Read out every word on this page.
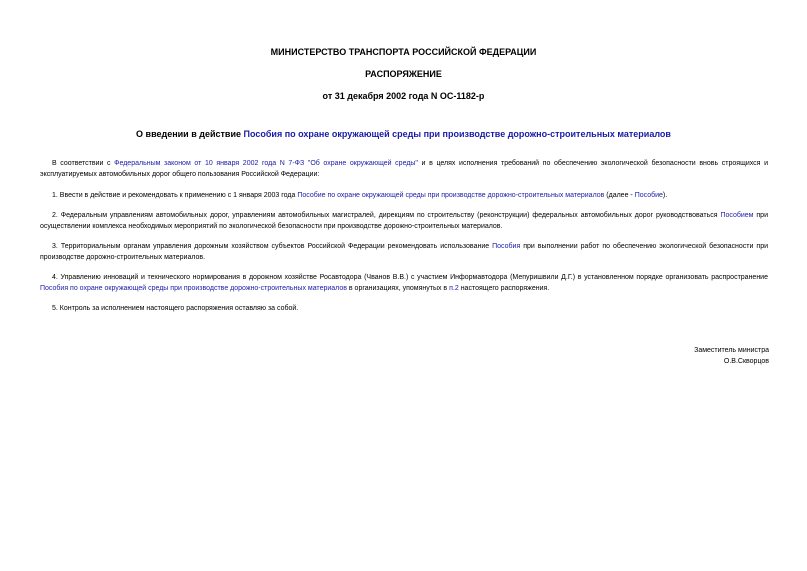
МИНИСТЕРСТВО ТРАНСПОРТА РОССИЙСКОЙ ФЕДЕРАЦИИ
РАСПОРЯЖЕНИЕ
от 31 декабря 2002 года N ОС-1182-р
О введении в действие Пособия по охране окружающей среды при производстве дорожно-строительных материалов
В соответствии с Федеральным законом от 10 января 2002 года N 7-ФЗ "Об охране окружающей среды" и в целях исполнения требований по обеспечению экологической безопасности вновь строящихся и эксплуатируемых автомобильных дорог общего пользования Российской Федерации:
1. Ввести в действие и рекомендовать к применению с 1 января 2003 года Пособие по охране окружающей среды при производстве дорожно-строительных материалов (далее - Пособие).
2. Федеральным управлениям автомобильных дорог, управлениям автомобильных магистралей, дирекциям по строительству (реконструкции) федеральных автомобильных дорог руководствоваться Пособием при осуществлении комплекса необходимых мероприятий по экологической безопасности при производстве дорожно-строительных материалов.
3. Территориальным органам управления дорожным хозяйством субъектов Российской Федерации рекомендовать использование Пособия при выполнении работ по обеспечению экологической безопасности при производстве дорожно-строительных материалов.
4. Управлению инноваций и технического нормирования в дорожном хозяйстве Росавтодора (Чванов В.В.) с участием Информавтодора (Мепуришвили Д.Г.) в установленном порядке организовать распространение Пособия по охране окружающей среды при производстве дорожно-строительных материалов в организациях, упомянутых в п.2 настоящего распоряжения.
5. Контроль за исполнением настоящего распоряжения оставляю за собой.
Заместитель министра
О.В.Скворцов
